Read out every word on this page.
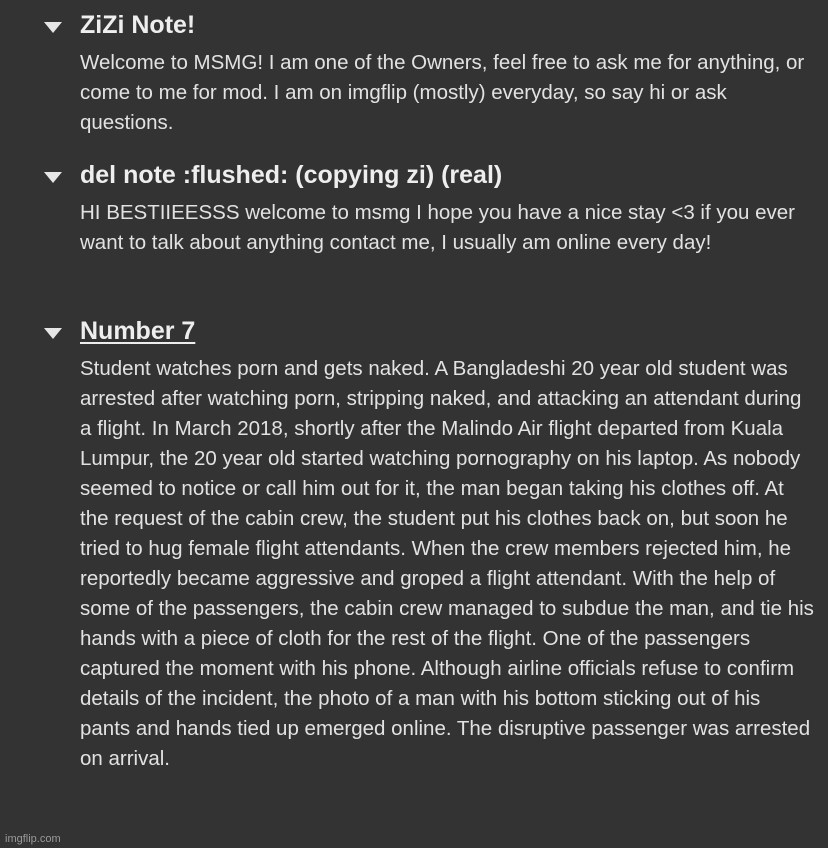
ZiZi Note!
Welcome to MSMG! I am one of the Owners, feel free to ask me for anything, or come to me for mod. I am on imgflip (mostly) everyday, so say hi or ask questions.
del note :flushed: (copying zi) (real)
HI BESTIIEESSS welcome to msmg I hope you have a nice stay <3 if you ever want to talk about anything contact me, I usually am online every day!
Number 7
Student watches porn and gets naked. A Bangladeshi 20 year old student was arrested after watching porn, stripping naked, and attacking an attendant during a flight. In March 2018, shortly after the Malindo Air flight departed from Kuala Lumpur, the 20 year old started watching pornography on his laptop. As nobody seemed to notice or call him out for it, the man began taking his clothes off. At the request of the cabin crew, the student put his clothes back on, but soon he tried to hug female flight attendants. When the crew members rejected him, he reportedly became aggressive and groped a flight attendant. With the help of some of the passengers, the cabin crew managed to subdue the man, and tie his hands with a piece of cloth for the rest of the flight. One of the passengers captured the moment with his phone. Although airline officials refuse to confirm details of the incident, the photo of a man with his bottom sticking out of his pants and hands tied up emerged online. The disruptive passenger was arrested on arrival.
imgflip.com
